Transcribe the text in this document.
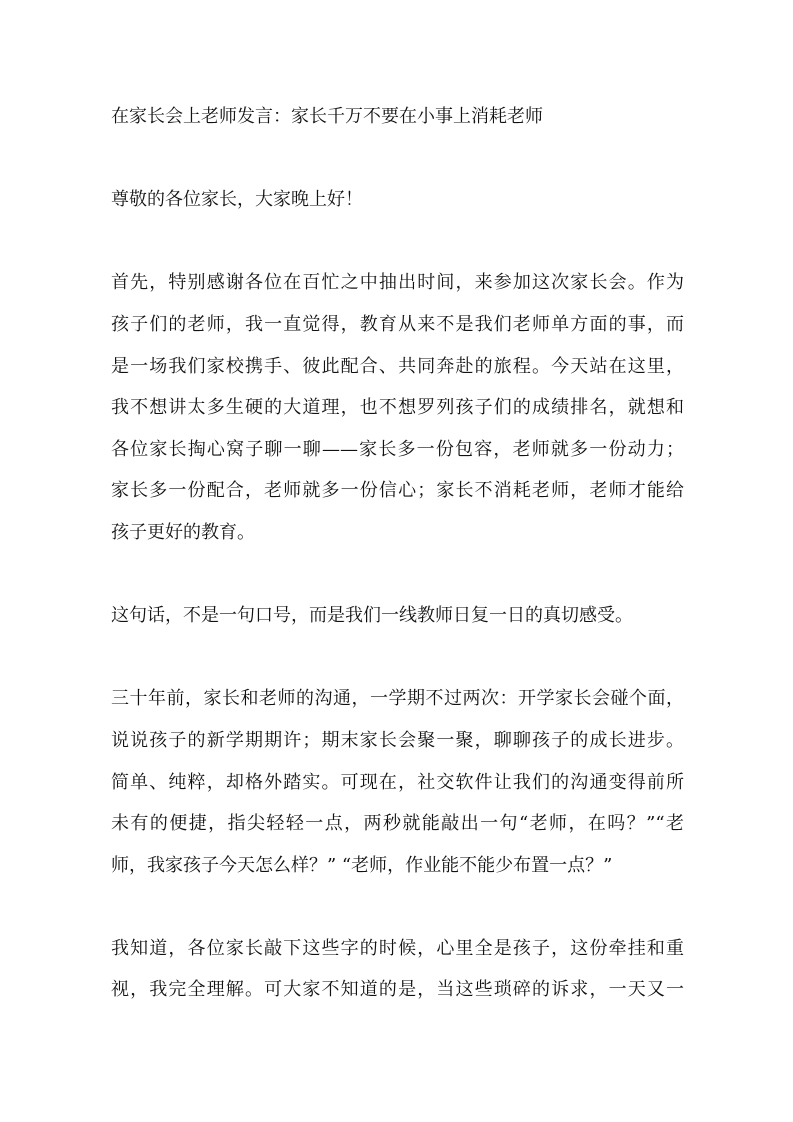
在家长会上老师发言：家长千万不要在小事上消耗老师
尊敬的各位家长，大家晚上好！
首先，特别感谢各位在百忙之中抽出时间，来参加这次家长会。作为
孩子们的老师，我一直觉得，教育从来不是我们老师单方面的事，而
是一场我们家校携手、彼此配合、共同奔赴的旅程。今天站在这里，
我不想讲太多生硬的大道理，也不想罗列孩子们的成绩排名，就想和
各位家长掏心窝子聊一聊——家长多一份包容，老师就多一份动力；
家长多一份配合，老师就多一份信心；家长不消耗老师，老师才能给
孩子更好的教育。
这句话，不是一句口号，而是我们一线教师日复一日的真切感受。
三十年前，家长和老师的沟通，一学期不过两次：开学家长会碰个面，
说说孩子的新学期期许；期末家长会聚一聚，聊聊孩子的成长进步。
简单、纯粹，却格外踏实。可现在，社交软件让我们的沟通变得前所
未有的便捷，指尖轻轻一点，两秒就能敲出一句“老师，在吗？”“老
师，我家孩子今天怎么样？” “老师，作业能不能少布置一点？”
我知道，各位家长敲下这些字的时候，心里全是孩子，这份牵挂和重
视，我完全理解。可大家不知道的是，当这些琐碎的诉求，一天又一
